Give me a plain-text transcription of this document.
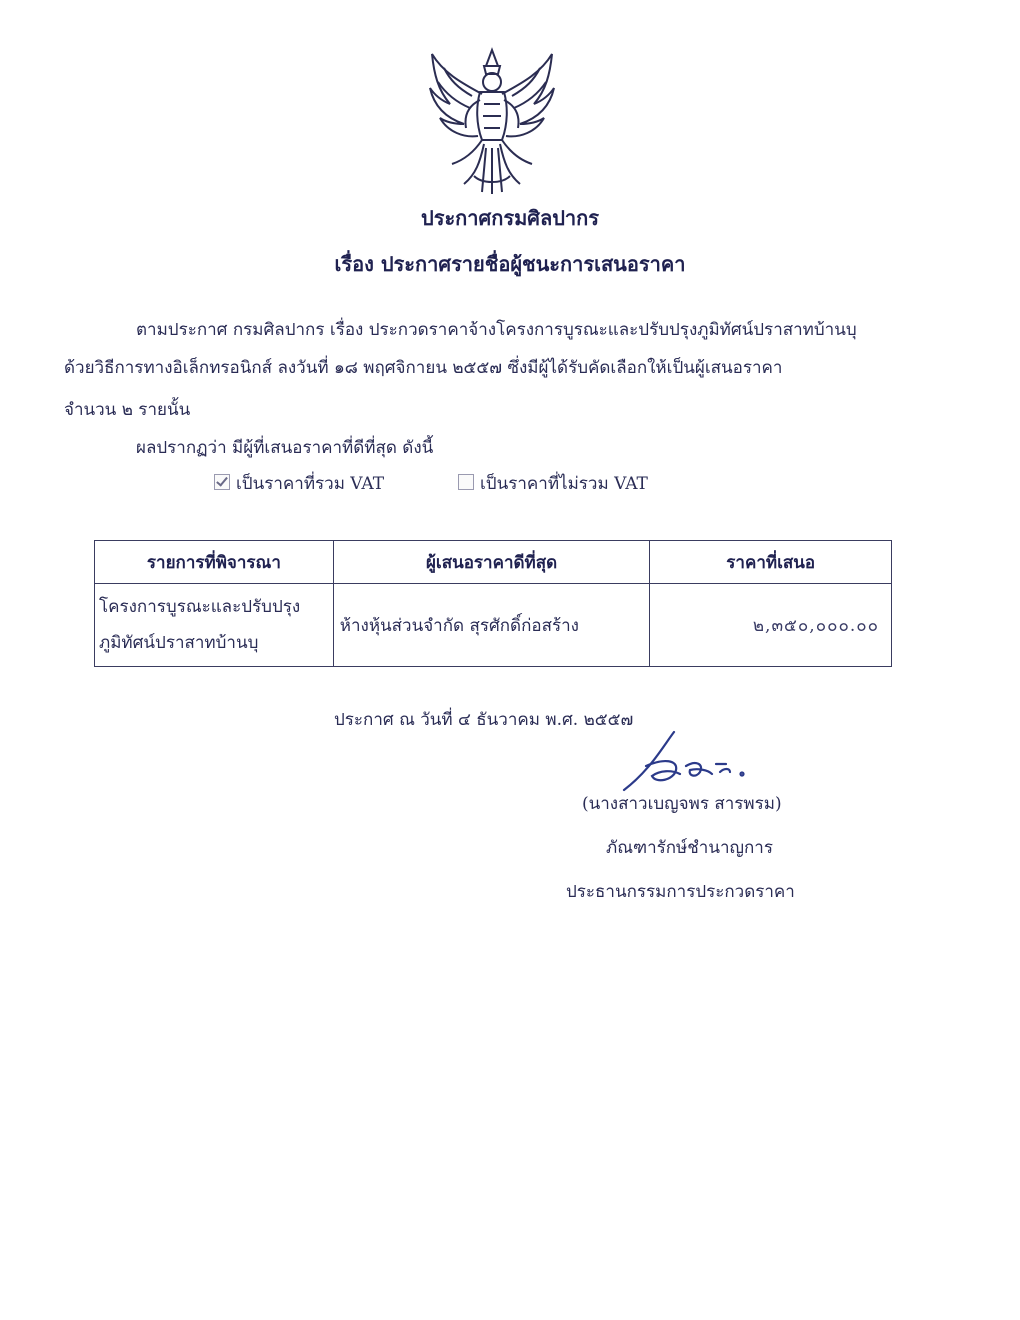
ประกาศกรมศิลปากร
เรื่อง ประกาศรายชื่อผู้ชนะการเสนอราคา
ตามประกาศ กรมศิลปากร เรื่อง ประกวดราคาจ้างโครงการบูรณะและปรับปรุงภูมิทัศน์ปราสาทบ้านบุ
ด้วยวิธีการทางอิเล็กทรอนิกส์ ลงวันที่ ๑๘ พฤศจิกายน ๒๕๕๗ ซึ่งมีผู้ได้รับคัดเลือกให้เป็นผู้เสนอราคา
จำนวน ๒ รายนั้น
ผลปรากฏว่า มีผู้ที่เสนอราคาที่ดีที่สุด ดังนี้
เป็นราคาที่รวม VAT	เป็นราคาที่ไม่รวม VAT
รายการที่พิจารณา	ผู้เสนอราคาดีที่สุด	ราคาที่เสนอ

โครงการบูรณะและปรับปรุง
ภูมิทัศน์ปราสาทบ้านบุ	ห้างหุ้นส่วนจำกัด สุรศักดิ์ก่อสร้าง	๒,๓๕๐,๐๐๐.๐๐
ประกาศ ณ วันที่ ๔ ธันวาคม พ.ศ. ๒๕๕๗
(นางสาวเบญจพร สารพรม)
ภัณฑารักษ์ชำนาญการ
ประธานกรรมการประกวดราคา
